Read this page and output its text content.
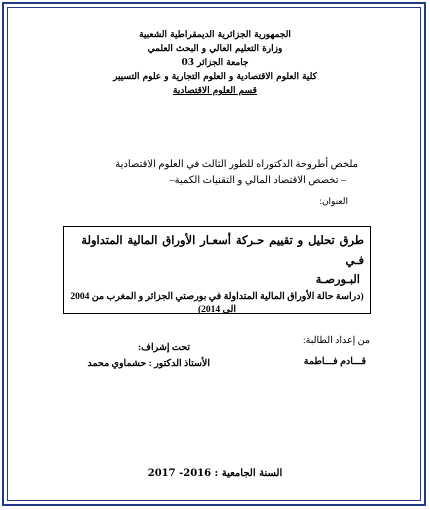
الجمهورية الجزائرية الديمقراطية الشعبية
وزارة التعليم العالي و البحث العلمي
جامعة الجزائر 03
كلية العلوم الاقتصادية و العلوم التجارية و علوم التسيير
قسم العلوم الاقتصادية
ملخص أطروحة الدكتوراه للطور الثالث في العلوم الاقتصادية
– تخصص الاقتصاد المالي و التقنيات الكمية–
العنوان:
طرق تحليل و تقييم حـركة أسعـار الأوراق المالية المتداولة فـي
البـورصـة
(دراسة حالة الأوراق المالية المتداولة في بورصتي الجزائر و المغرب من 2004 الى 2014)
من إعداد الطالبة:
قـــادم فـــاطمة
تحت إشراف:
الأستاذ الدكتور : حشماوي محمد
السنة الجامعية : 2016- 2017
